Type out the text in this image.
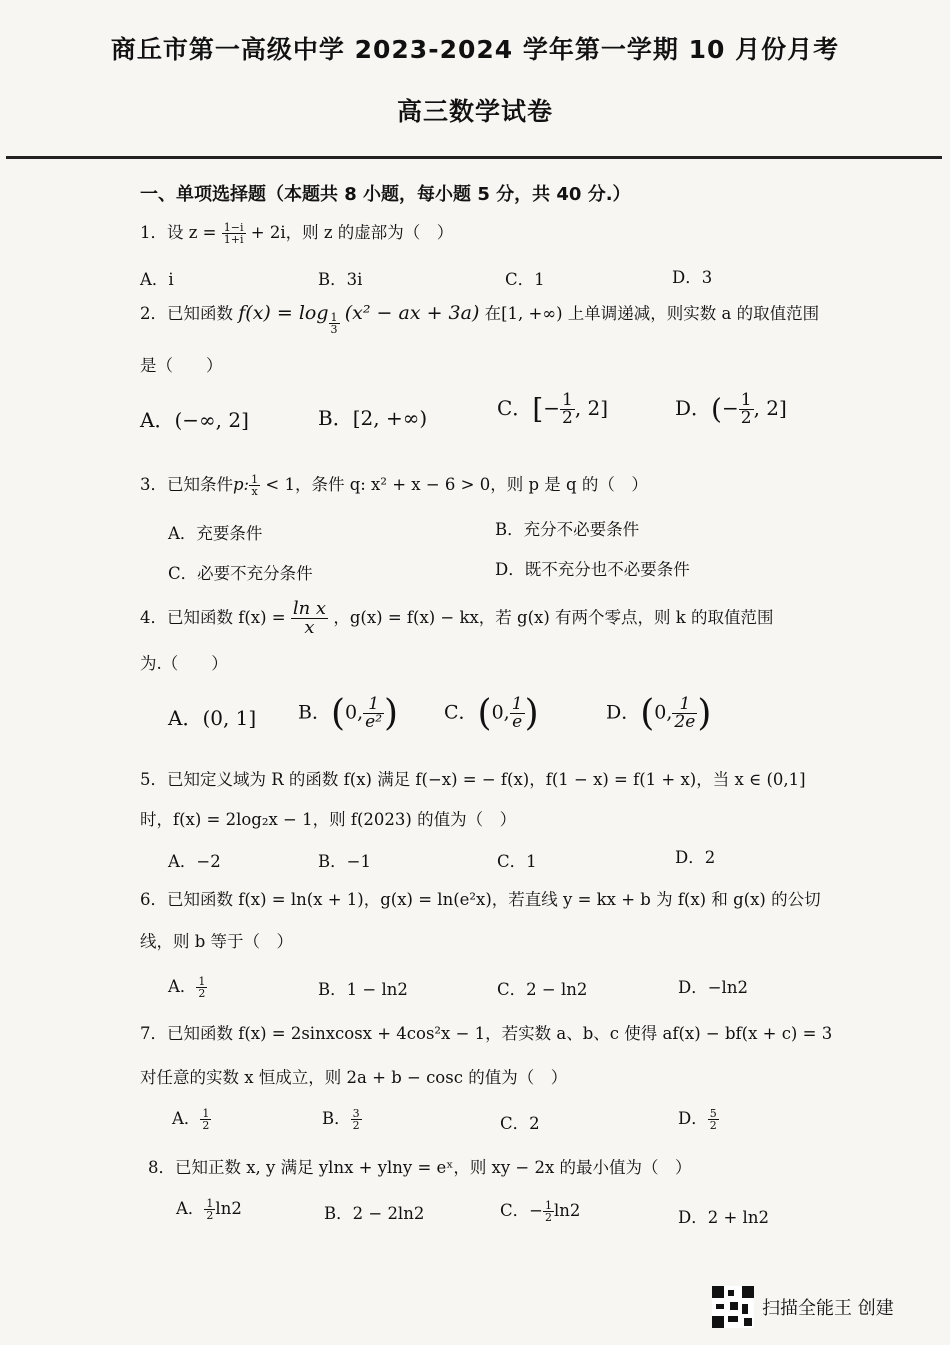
商丘市第一高级中学 2023-2024 学年第一学期 10 月份月考
高三数学试卷
一、单项选择题（本题共 8 小题，每小题 5 分，共 40 分.）
1．设 $z = \frac{1-i}{1+i} + 2i$，则 z 的虚部为（　）
A．i	B．3i	C．1	D．3
2．已知函数 $f(x) = \log \frac{1}{3} (x^2$ − ax + 3a) 在[1, +∞) 上单调递减，则实数 a 的取值范围
是（　　）
A．(−∞, 2]	B．[2, +∞)	C．[− $\frac{1}{2}$ , 2]	D．(− $\frac{1}{2}$ , 2]
3．已知条件p: $\frac{1}{x} < 1$，条件 q: x² + x − 6 > 0，则 p 是 q 的（　）
A．充要条件	B．充分不必要条件
C．必要不充分条件	D．既不充分也不必要条件
4．已知函数 $f(x) = \frac{\text{ln x}}{x}$ ，g(x) = f(x) − kx，若 g(x) 有两个零点，则 k 的取值范围
为.（　　）
A．(0, 1] B．(0, $\frac{1}{\text{e²}}$ ) C．(0, $\frac{1}{e}$ )	D．(0, $\frac{1}{2e}$ )
5．已知定义域为 R 的函数 f(x) 满足 f(−x) = − f(x)，f(1 − x) = f(1 + x)，当 x ∈ (0,1]
时，f(x) = 2log₂x − 1，则 f(2023) 的值为（　）
A．−2	B．−1	C．1	D．2
6．已知函数 f(x) = ln(x + 1)，g(x) = ln(e²x)，若直线 y = kx + b 为 f(x) 和 g(x) 的公切
线，则 b 等于（　）
A． $\frac{1}{2}$	B．1 − ln2	C．2 − ln2	D．−ln2
7．已知函数 f(x) = 2sinxcosx + 4cos²x − 1，若实数 a、b、c 使得 af(x) − bf(x + c) = 3
对任意的实数 x 恒成立，则 2a + b − cosc 的值为（　）
A． $\frac{1}{2}$	B． $\frac{3}{2}$	C．2	D． $\frac{5}{2}$
8．已知正数 x, y 满足 ylnx + ylny = eˣ，则 xy − 2x 的最小值为（　）
A． $\frac{1}{2} \ln 2$	B．2 − 2ln2	C．− $\frac{1}{2} \ln 2$	D．2 + ln2
扫描全能王 创建
